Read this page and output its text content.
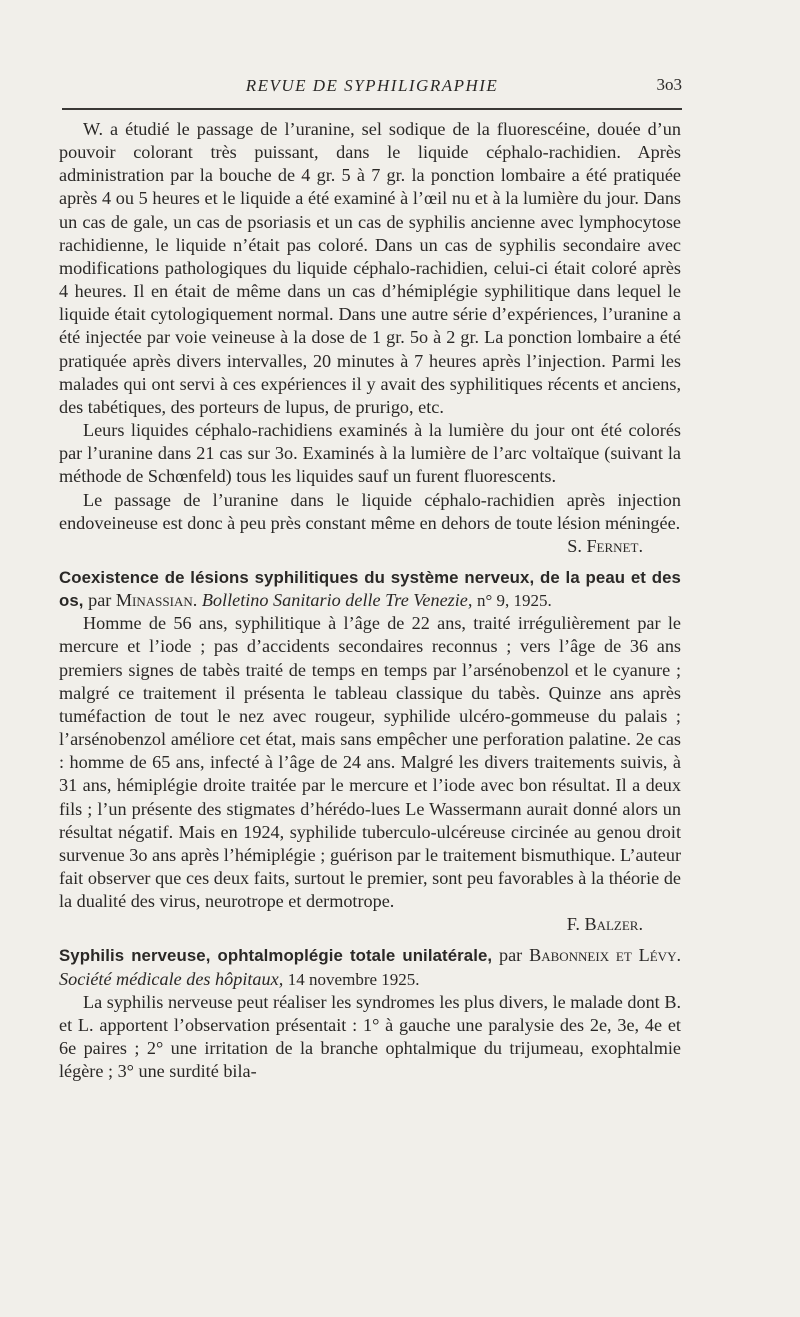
REVUE DE SYPHILIGRAPHIE	3o3

W. a étudié le passage de l’uranine, sel sodique de la fluorescéine, douée d’un pouvoir colorant très puissant, dans le liquide céphalo-rachidien. Après administration par la bouche de 4 gr. 5 à 7 gr. la ponction lombaire a été pratiquée après 4 ou 5 heures et le liquide a été examiné à l’œil nu et à la lumière du jour. Dans un cas de gale, un cas de psoriasis et un cas de syphilis ancienne avec lymphocytose rachidienne, le liquide n’était pas coloré. Dans un cas de syphilis secondaire avec modifications pathologiques du liquide céphalo-rachidien, celui-ci était coloré après 4 heures. Il en était de même dans un cas d’hémiplégie syphilitique dans lequel le liquide était cytologiquement normal. Dans une autre série d’expériences, l’uranine a été injectée par voie veineuse à la dose de 1 gr. 5o à 2 gr. La ponction lombaire a été pratiquée après divers intervalles, 20 minutes à 7 heures après l’injection. Parmi les malades qui ont servi à ces expériences il y avait des syphilitiques récents et anciens, des tabétiques, des porteurs de lupus, de prurigo, etc.

Leurs liquides céphalo-rachidiens examinés à la lumière du jour ont été colorés par l’uranine dans 21 cas sur 3o. Examinés à la lumière de l’arc voltaïque (suivant la méthode de Schœnfeld) tous les liquides sauf un furent fluorescents.

Le passage de l’uranine dans le liquide céphalo-rachidien après injection endoveineuse est donc à peu près constant même en dehors de toute lésion méningée.
S. Fernet.

Coexistence de lésions syphilitiques du système nerveux, de la peau et des os, par Minassian. Bolletino Sanitario delle Tre Venezie, n° 9, 1925.

Homme de 56 ans, syphilitique à l’âge de 22 ans, traité irrégulièrement par le mercure et l’iode ; pas d’accidents secondaires reconnus ; vers l’âge de 36 ans premiers signes de tabès traité de temps en temps par l’arsénobenzol et le cyanure ; malgré ce traitement il présenta le tableau classique du tabès. Quinze ans après tuméfaction de tout le nez avec rougeur, syphilide ulcéro-gommeuse du palais ; l’arsénobenzol améliore cet état, mais sans empêcher une perforation palatine. 2e cas : homme de 65 ans, infecté à l’âge de 24 ans. Malgré les divers traitements suivis, à 31 ans, hémiplégie droite traitée par le mercure et l’iode avec bon résultat. Il a deux fils ; l’un présente des stigmates d’hérédo-lues Le Wassermann aurait donné alors un résultat négatif. Mais en 1924, syphilide tuberculo-ulcéreuse circinée au genou droit survenue 3o ans après l’hémiplégie ; guérison par le traitement bismuthique. L’auteur fait observer que ces deux faits, surtout le premier, sont peu favorables à la théorie de la dualité des virus, neurotrope et dermotrope.

F. Balzer.

Syphilis nerveuse, ophtalmoplégie totale unilatérale, par Babonneix et Lévy. Société médicale des hôpitaux, 14 novembre 1925.

La syphilis nerveuse peut réaliser les syndromes les plus divers, le malade dont B. et L. apportent l’observation présentait : 1° à gauche une paralysie des 2e, 3e, 4e et 6e paires ; 2° une irritation de la branche ophtalmique du trijumeau, exophtalmie légère ; 3° une surdité bila-
